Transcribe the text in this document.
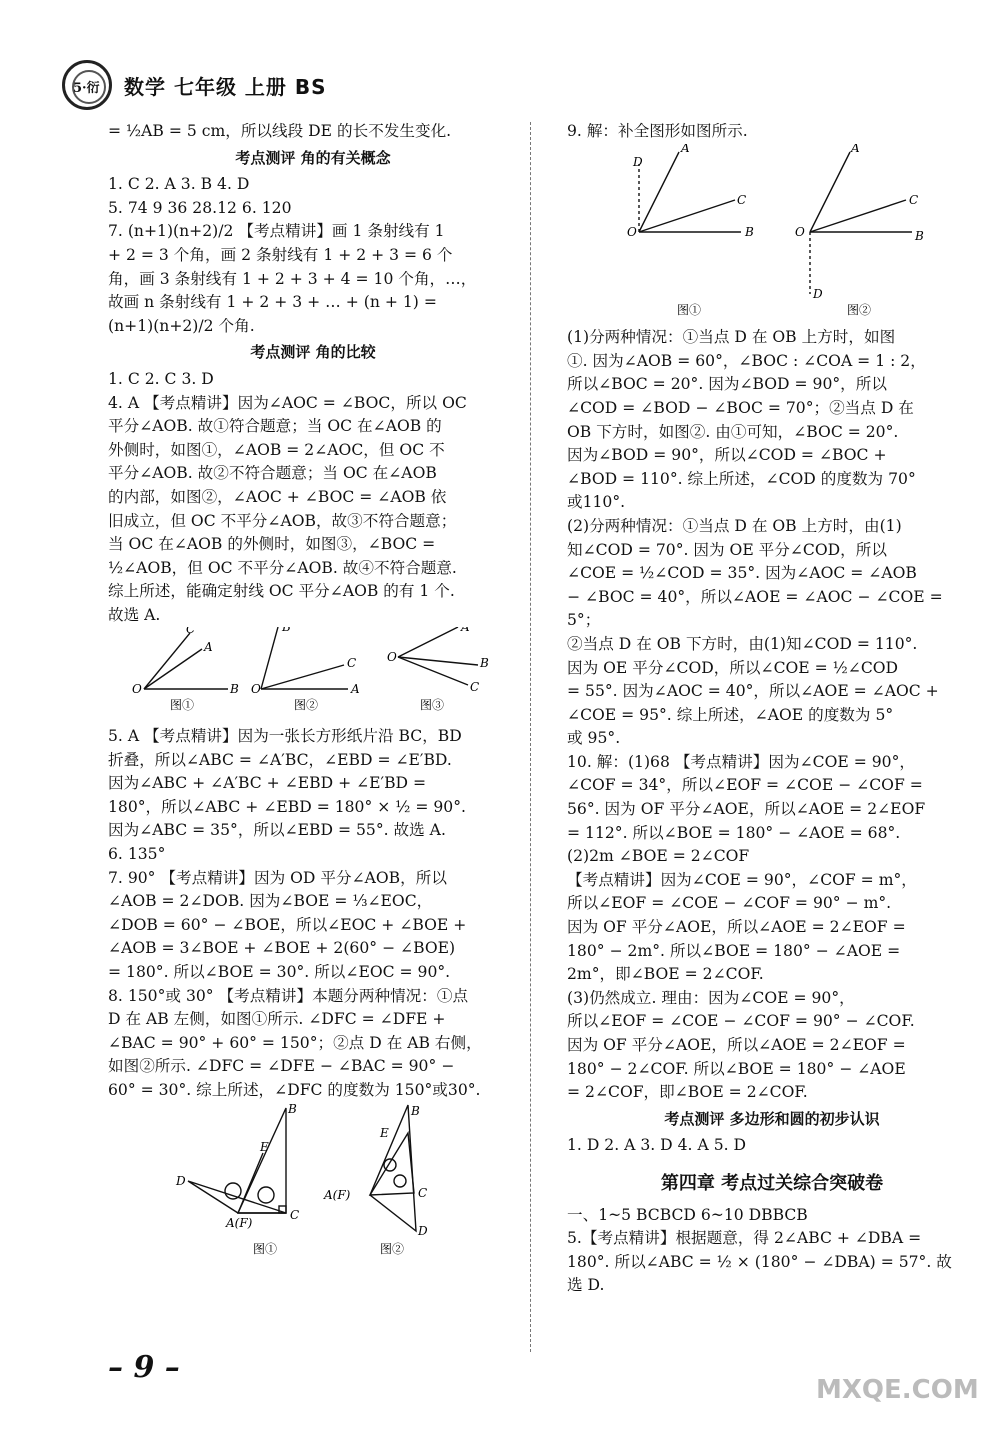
5·衍 数学 七年级 上册 BS
= ½AB = 5 cm，所以线段 DE 的长不发生变化.
考点测评 角的有关概念
1. C 2. A 3. B 4. D
5. 74 9 36 28.12 6. 120
7. (n+1)(n+2)/2 【考点精讲】画 1 条射线有 1
+ 2 = 3 个角，画 2 条射线有 1 + 2 + 3 = 6 个
角，画 3 条射线有 1 + 2 + 3 + 4 = 10 个角，…，
故画 n 条射线有 1 + 2 + 3 + … + (n + 1) =
(n+1)(n+2)/2 个角.
考点测评 角的比较
1. C 2. C 3. D
4. A 【考点精讲】因为∠AOC = ∠BOC，所以 OC
平分∠AOB. 故①符合题意；当 OC 在∠AOB 的
外侧时，如图①，∠AOB = 2∠AOC，但 OC 不
平分∠AOB. 故②不符合题意；当 OC 在∠AOB
的内部，如图②，∠AOC + ∠BOC = ∠AOB 依
旧成立，但 OC 不平分∠AOB，故③不符合题意；
当 OC 在∠AOB 的外侧时，如图③，∠BOC =
½∠AOB，但 OC 不平分∠AOB. 故④不符合题意.
综上所述，能确定射线 OC 平分∠AOB 的有 1 个.
故选 A.
C
A
O	B
B
C
O	A
A
O	B
C
图①	图②	图③
5. A 【考点精讲】因为一张长方形纸片沿 BC，BD
折叠，所以∠ABC = ∠A′BC，∠EBD = ∠E′BD.
因为∠ABC + ∠A′BC + ∠EBD + ∠E′BD =
180°，所以∠ABC + ∠EBD = 180° × ½ = 90°.
因为∠ABC = 35°，所以∠EBD = 55°. 故选 A.
6. 135°
7. 90° 【考点精讲】因为 OD 平分∠AOB，所以
∠AOB = 2∠DOB. 因为∠BOE = ⅓∠EOC，
∠DOB = 60° − ∠BOE，所以∠EOC + ∠BOE +
∠AOB = 3∠BOE + ∠BOE + 2(60° − ∠BOE)
= 180°. 所以∠BOE = 30°. 所以∠EOC = 90°.
8. 150°或 30° 【考点精讲】本题分两种情况：①点
D 在 AB 左侧，如图①所示. ∠DFC = ∠DFE +
∠BAC = 90° + 60° = 150°；②点 D 在 AB 右侧，
如图②所示. ∠DFC = ∠DFE − ∠BAC = 90° −
60° = 30°. 综上所述，∠DFC 的度数为 150°或30°.
B
E
D
C
A(F)
B
E
A(F)	C
D
图①	图②
9. 解：补全图形如图所示.
D
A
C
O	B
A
C
O	B
D
图①	图②
(1)分两种情况：①当点 D 在 OB 上方时，如图
①. 因为∠AOB = 60°，∠BOC : ∠COA = 1 : 2，
所以∠BOC = 20°. 因为∠BOD = 90°，所以
∠COD = ∠BOD − ∠BOC = 70°；②当点 D 在
OB 下方时，如图②. 由①可知，∠BOC = 20°.
因为∠BOD = 90°，所以∠COD = ∠BOC +
∠BOD = 110°. 综上所述，∠COD 的度数为 70°
或110°.
(2)分两种情况：①当点 D 在 OB 上方时，由(1)
知∠COD = 70°. 因为 OE 平分∠COD，所以
∠COE = ½∠COD = 35°. 因为∠AOC = ∠AOB
− ∠BOC = 40°，所以∠AOE = ∠AOC − ∠COE =
5°；
②当点 D 在 OB 下方时，由(1)知∠COD = 110°.
因为 OE 平分∠COD，所以∠COE = ½∠COD
= 55°. 因为∠AOC = 40°，所以∠AOE = ∠AOC +
∠COE = 95°. 综上所述，∠AOE 的度数为 5°
或 95°.
10. 解：(1)68 【考点精讲】因为∠COE = 90°，
∠COF = 34°，所以∠EOF = ∠COE − ∠COF =
56°. 因为 OF 平分∠AOE，所以∠AOE = 2∠EOF
= 112°. 所以∠BOE = 180° − ∠AOE = 68°.
(2)2m ∠BOE = 2∠COF
【考点精讲】因为∠COE = 90°，∠COF = m°，
所以∠EOF = ∠COE − ∠COF = 90° − m°.
因为 OF 平分∠AOE，所以∠AOE = 2∠EOF =
180° − 2m°. 所以∠BOE = 180° − ∠AOE =
2m°，即∠BOE = 2∠COF.
(3)仍然成立. 理由：因为∠COE = 90°，
所以∠EOF = ∠COE − ∠COF = 90° − ∠COF.
因为 OF 平分∠AOE，所以∠AOE = 2∠EOF =
180° − 2∠COF. 所以∠BOE = 180° − ∠AOE
= 2∠COF，即∠BOE = 2∠COF.
考点测评 多边形和圆的初步认识
1. D 2. A 3. D 4. A 5. D
第四章 考点过关综合突破卷
一、1~5 BCBCD 6~10 DBBCB
5.【考点精讲】根据题意，得 2∠ABC + ∠DBA =
180°. 所以∠ABC = ½ × (180° − ∠DBA) = 57°. 故
选 D.
– 9 –
MXQE.COM
